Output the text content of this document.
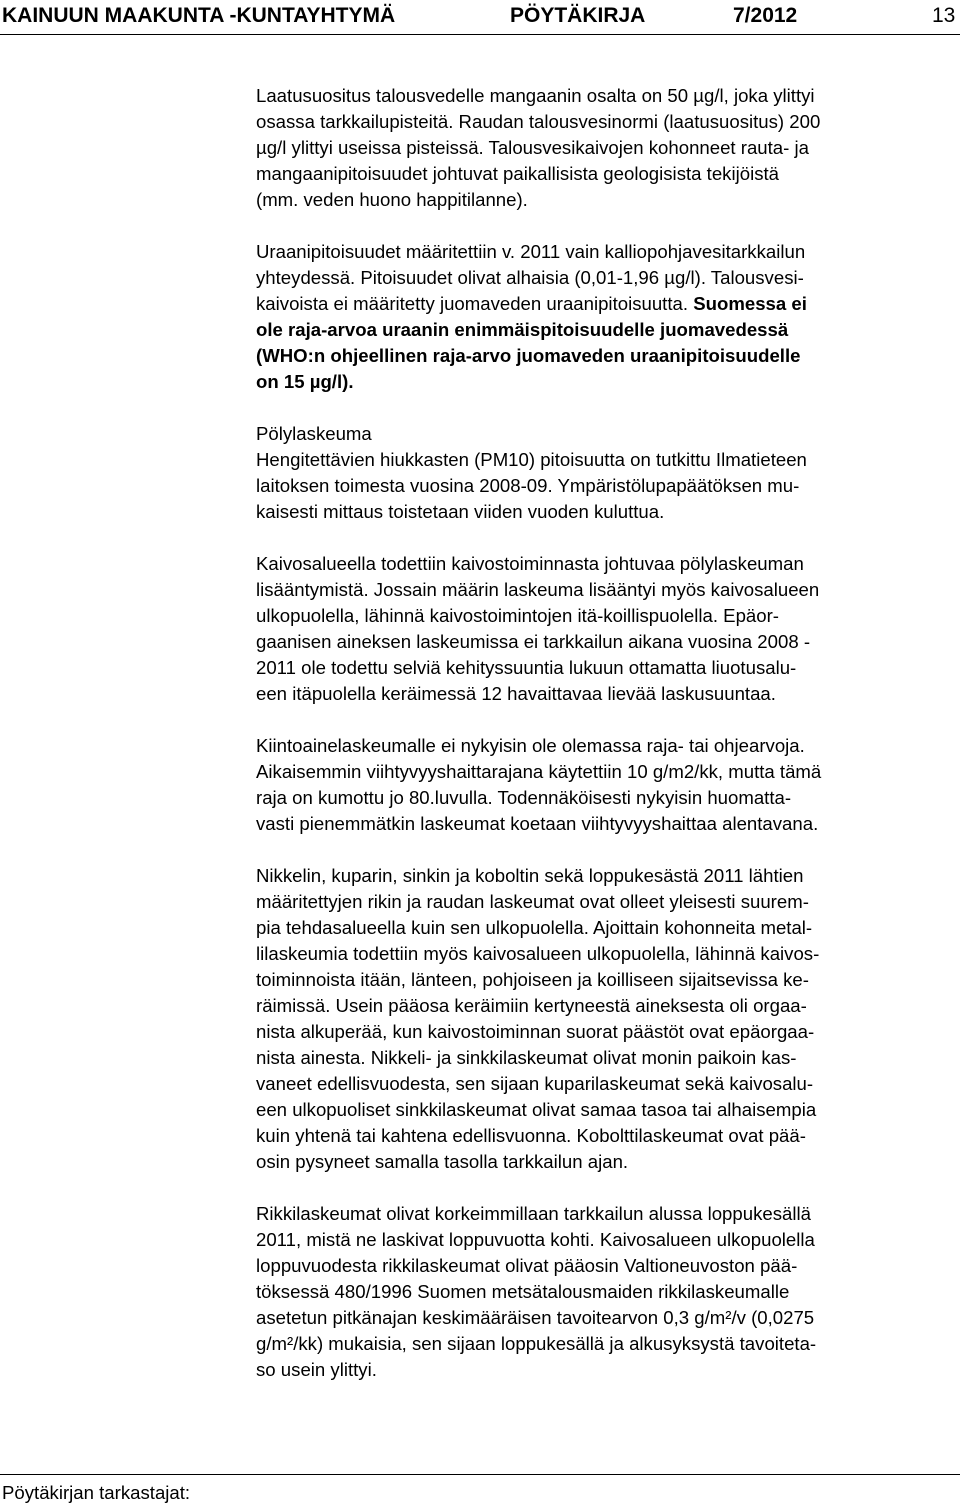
KAINUUN MAAKUNTA -KUNTAYHTYMÄ	PÖYTÄKIRJA	7/2012	13

Laatusuositus talousvedelle mangaanin osalta on 50 µg/l, joka ylittyi
osassa tarkkailupisteitä. Raudan talousvesinormi (laatusuositus) 200
µg/l ylittyi useissa pisteissä. Talousvesikaivojen kohonneet rauta- ja
mangaanipitoisuudet johtuvat paikallisista geologisista tekijöistä
(mm. veden huono happitilanne).

Uraanipitoisuudet määritettiin v. 2011 vain kalliopohjavesitarkkailun
yhteydessä. Pitoisuudet olivat alhaisia (0,01-1,96 µg/l). Talousvesi-
kaivoista ei määritetty juomaveden uraanipitoisuutta. Suomessa ei
ole raja-arvoa uraanin enimmäispitoisuudelle juomavedessä
(WHO:n ohjeellinen raja-arvo juomaveden uraanipitoisuudelle
on 15 µg/l).

Pölylaskeuma
Hengitettävien hiukkasten (PM10) pitoisuutta on tutkittu Ilmatieteen
laitoksen toimesta vuosina 2008-09. Ympäristölupapäätöksen mu-
kaisesti mittaus toistetaan viiden vuoden kuluttua.

Kaivosalueella todettiin kaivostoiminnasta johtuvaa pölylaskeuman
lisääntymistä. Jossain määrin laskeuma lisääntyi myös kaivosalueen
ulkopuolella, lähinnä kaivostoimintojen itä-koillispuolella. Epäor-
gaanisen aineksen laskeumissa ei tarkkailun aikana vuosina 2008 -
2011 ole todettu selviä kehityssuuntia lukuun ottamatta liuotusalu-
een itäpuolella keräimessä 12 havaittavaa lievää laskusuuntaa.

Kiintoainelaskeumalle ei nykyisin ole olemassa raja- tai ohjearvoja.
Aikaisemmin viihtyvyyshaittarajana käytettiin 10 g/m2/kk, mutta tämä
raja on kumottu jo 80.luvulla. Todennäköisesti nykyisin huomatta-
vasti pienemmätkin laskeumat koetaan viihtyvyyshaittaa alentavana.

Nikkelin, kuparin, sinkin ja koboltin sekä loppukesästä 2011 lähtien
määritettyjen rikin ja raudan laskeumat ovat olleet yleisesti suurem-
pia tehdasalueella kuin sen ulkopuolella. Ajoittain kohonneita metal-
lilaskeumia todettiin myös kaivosalueen ulkopuolella, lähinnä kaivos-
toiminnoista itään, länteen, pohjoiseen ja koilliseen sijaitsevissa ke-
räimissä. Usein pääosa keräimiin kertyneestä aineksesta oli orgaa-
nista alkuperää, kun kaivostoiminnan suorat päästöt ovat epäorgaa-
nista ainesta. Nikkeli- ja sinkkilaskeumat olivat monin paikoin kas-
vaneet edellisvuodesta, sen sijaan kuparilaskeumat sekä kaivosalu-
een ulkopuoliset sinkkilaskeumat olivat samaa tasoa tai alhaisempia
kuin yhtenä tai kahtena edellisvuonna. Kobolttilaskeumat ovat pää-
osin pysyneet samalla tasolla tarkkailun ajan.

Rikkilaskeumat olivat korkeimmillaan tarkkailun alussa loppukesällä
2011, mistä ne laskivat loppuvuotta kohti. Kaivosalueen ulkopuolella
loppuvuodesta rikkilaskeumat olivat pääosin Valtioneuvoston pää-
töksessä 480/1996 Suomen metsätalousmaiden rikkilaskeumalle
asetetun pitkänajan keskimääräisen tavoitearvon 0,3 g/m²/v (0,0275
g/m²/kk) mukaisia, sen sijaan loppukesällä ja alkusyksystä tavoiteta-
so usein ylittyi.

Pöytäkirjan tarkastajat:
